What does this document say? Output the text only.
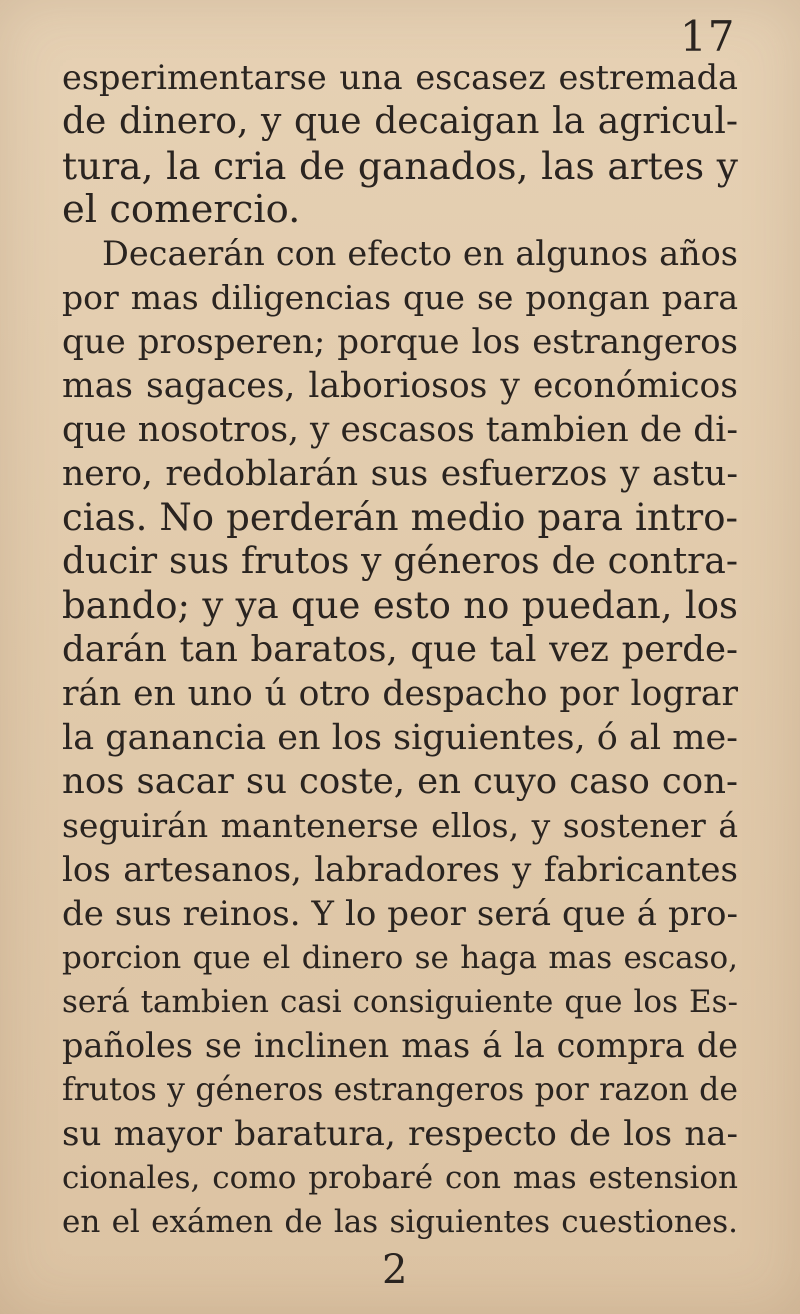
17
esperimentarse una escasez estremada
de dinero, y que decaigan la agricul-
tura, la cria de ganados, las artes y
el comercio.
Decaerán con efecto en algunos años
por mas diligencias que se pongan para
que prosperen; porque los estrangeros
mas sagaces, laboriosos y económicos
que nosotros, y escasos tambien de di-
nero, redoblarán sus esfuerzos y astu-
cias. No perderán medio para intro-
ducir sus frutos y géneros de contra-
bando; y ya que esto no puedan, los
darán tan baratos, que tal vez perde-
rán en uno ú otro despacho por lograr
la ganancia en los siguientes, ó al me-
nos sacar su coste, en cuyo caso con-
seguirán mantenerse ellos, y sostener á
los artesanos, labradores y fabricantes
de sus reinos. Y lo peor será que á pro-
porcion que el dinero se haga mas escaso,
será tambien casi consiguiente que los Es-
pañoles se inclinen mas á la compra de
frutos y géneros estrangeros por razon de
su mayor baratura, respecto de los na-
cionales, como probaré con mas estension
en el exámen de las siguientes cuestiones.
2
